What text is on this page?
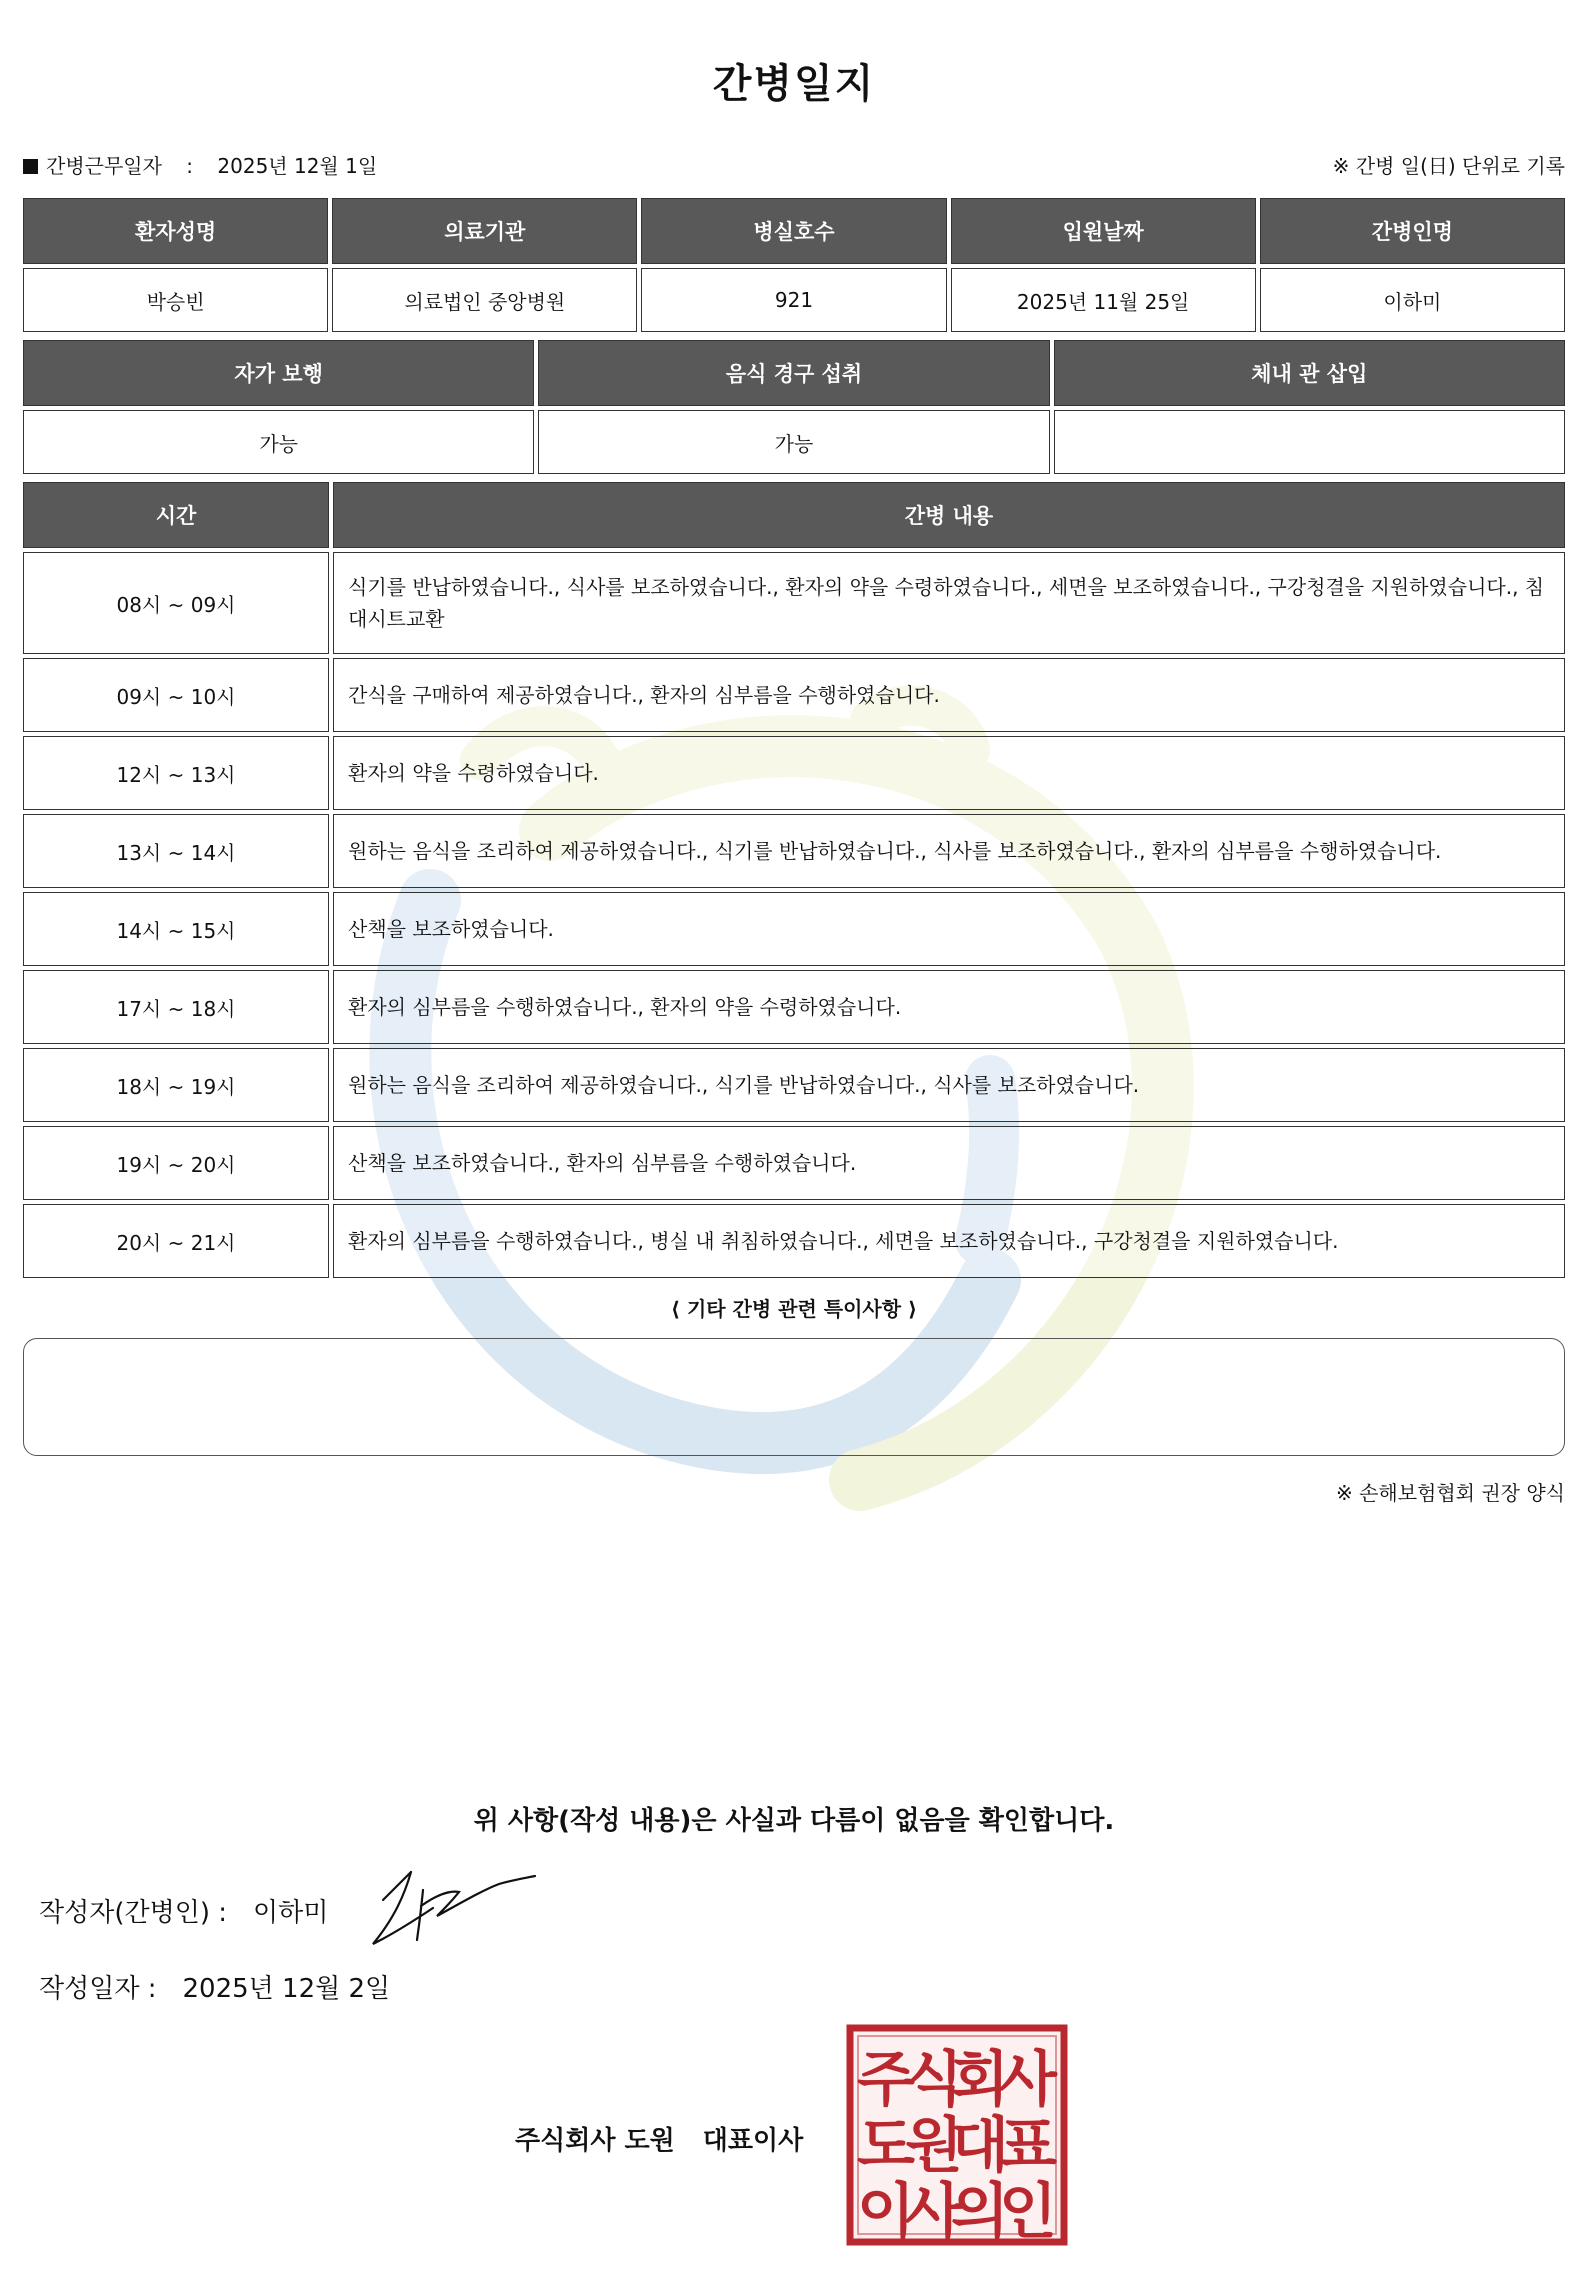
간병일지
간병근무일자 : 2025년 12월 1일	※ 간병 일(日) 단위로 기록
환자성명	의료기관	병실호수	입원날짜	간병인명
박승빈	의료법인 중앙병원	921	2025년 11월 25일	이하미
자가 보행	음식 경구 섭취	체내 관 삽입
가능	가능	
시간	간병 내용
08시 ~ 09시	식기를 반납하였습니다., 식사를 보조하였습니다., 환자의 약을 수령하였습니다., 세면을 보조하였습니다., 구강청결을 지원하였습니다., 침대시트교환
09시 ~ 10시	간식을 구매하여 제공하였습니다., 환자의 심부름을 수행하였습니다.
12시 ~ 13시	환자의 약을 수령하였습니다.
13시 ~ 14시	원하는 음식을 조리하여 제공하였습니다., 식기를 반납하였습니다., 식사를 보조하였습니다., 환자의 심부름을 수행하였습니다.
14시 ~ 15시	산책을 보조하였습니다.
17시 ~ 18시	환자의 심부름을 수행하였습니다., 환자의 약을 수령하였습니다.
18시 ~ 19시	원하는 음식을 조리하여 제공하였습니다., 식기를 반납하였습니다., 식사를 보조하였습니다.
19시 ~ 20시	산책을 보조하였습니다., 환자의 심부름을 수행하였습니다.
20시 ~ 21시	환자의 심부름을 수행하였습니다., 병실 내 취침하였습니다., 세면을 보조하였습니다., 구강청결을 지원하였습니다.
⟨ 기타 간병 관련 특이사항 ⟩
※ 손해보험협회 권장 양식
위 사항(작성 내용)은 사실과 다름이 없음을 확인합니다.
작성자(간병인) : 이하미
작성일자 : 2025년 12월 2일
주식회사 도원 대표이사
주
식
회
사
도
원
대
표
이
사
의
인
